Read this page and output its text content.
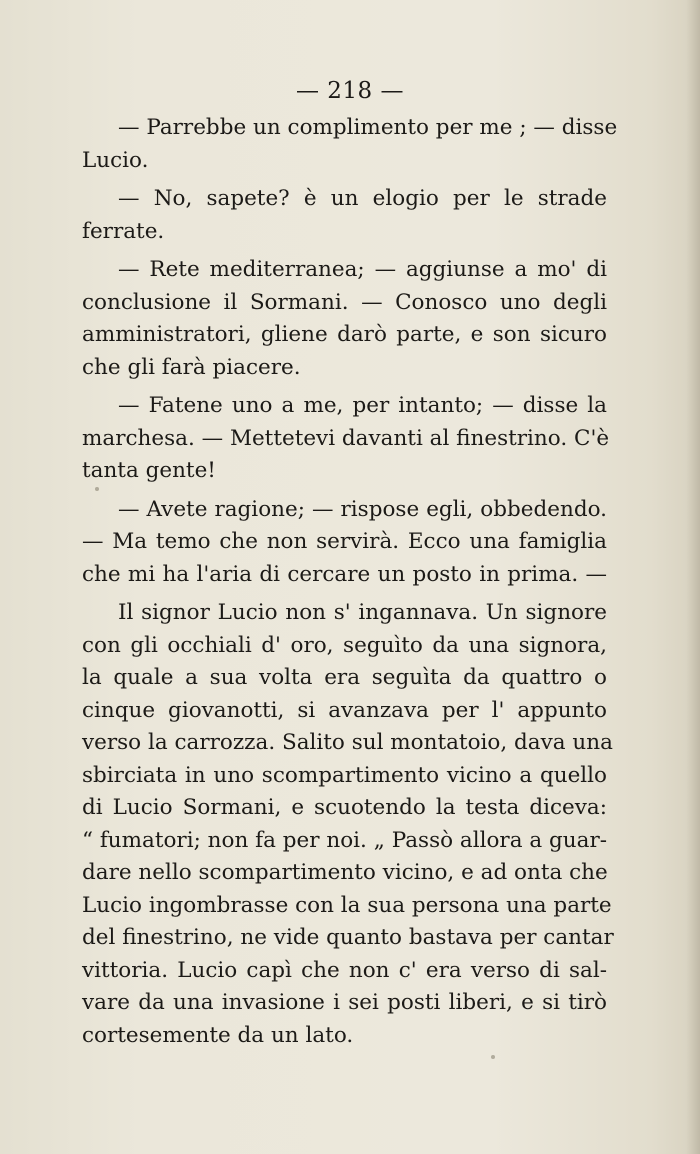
— 218 —

— Parrebbe un complimento per me ; — disse
Lucio.

— No, sapete? è un elogio per le strade
ferrate.

— Rete mediterranea; — aggiunse a mo' di
conclusione il Sormani. — Conosco uno degli
amministratori, gliene darò parte, e son sicuro
che gli farà piacere.

— Fatene uno a me, per intanto; — disse la
marchesa. — Mettetevi davanti al finestrino. C'è
tanta gente!

— Avete ragione; — rispose egli, obbedendo.
— Ma temo che non servirà. Ecco una famiglia
che mi ha l'aria di cercare un posto in prima. —

Il signor Lucio non s' ingannava. Un signore
con gli occhiali d' oro, seguìto da una signora,
la quale a sua volta era seguìta da quattro o
cinque giovanotti, si avanzava per l' appunto
verso la carrozza. Salito sul montatoio, dava una
sbirciata in uno scompartimento vicino a quello
di Lucio Sormani, e scuotendo la testa diceva:
“ fumatori; non fa per noi. „ Passò allora a guar-
dare nello scompartimento vicino, e ad onta che
Lucio ingombrasse con la sua persona una parte
del finestrino, ne vide quanto bastava per cantar
vittoria. Lucio capì che non c' era verso di sal-
vare da una invasione i sei posti liberi, e si tirò
cortesemente da un lato.
